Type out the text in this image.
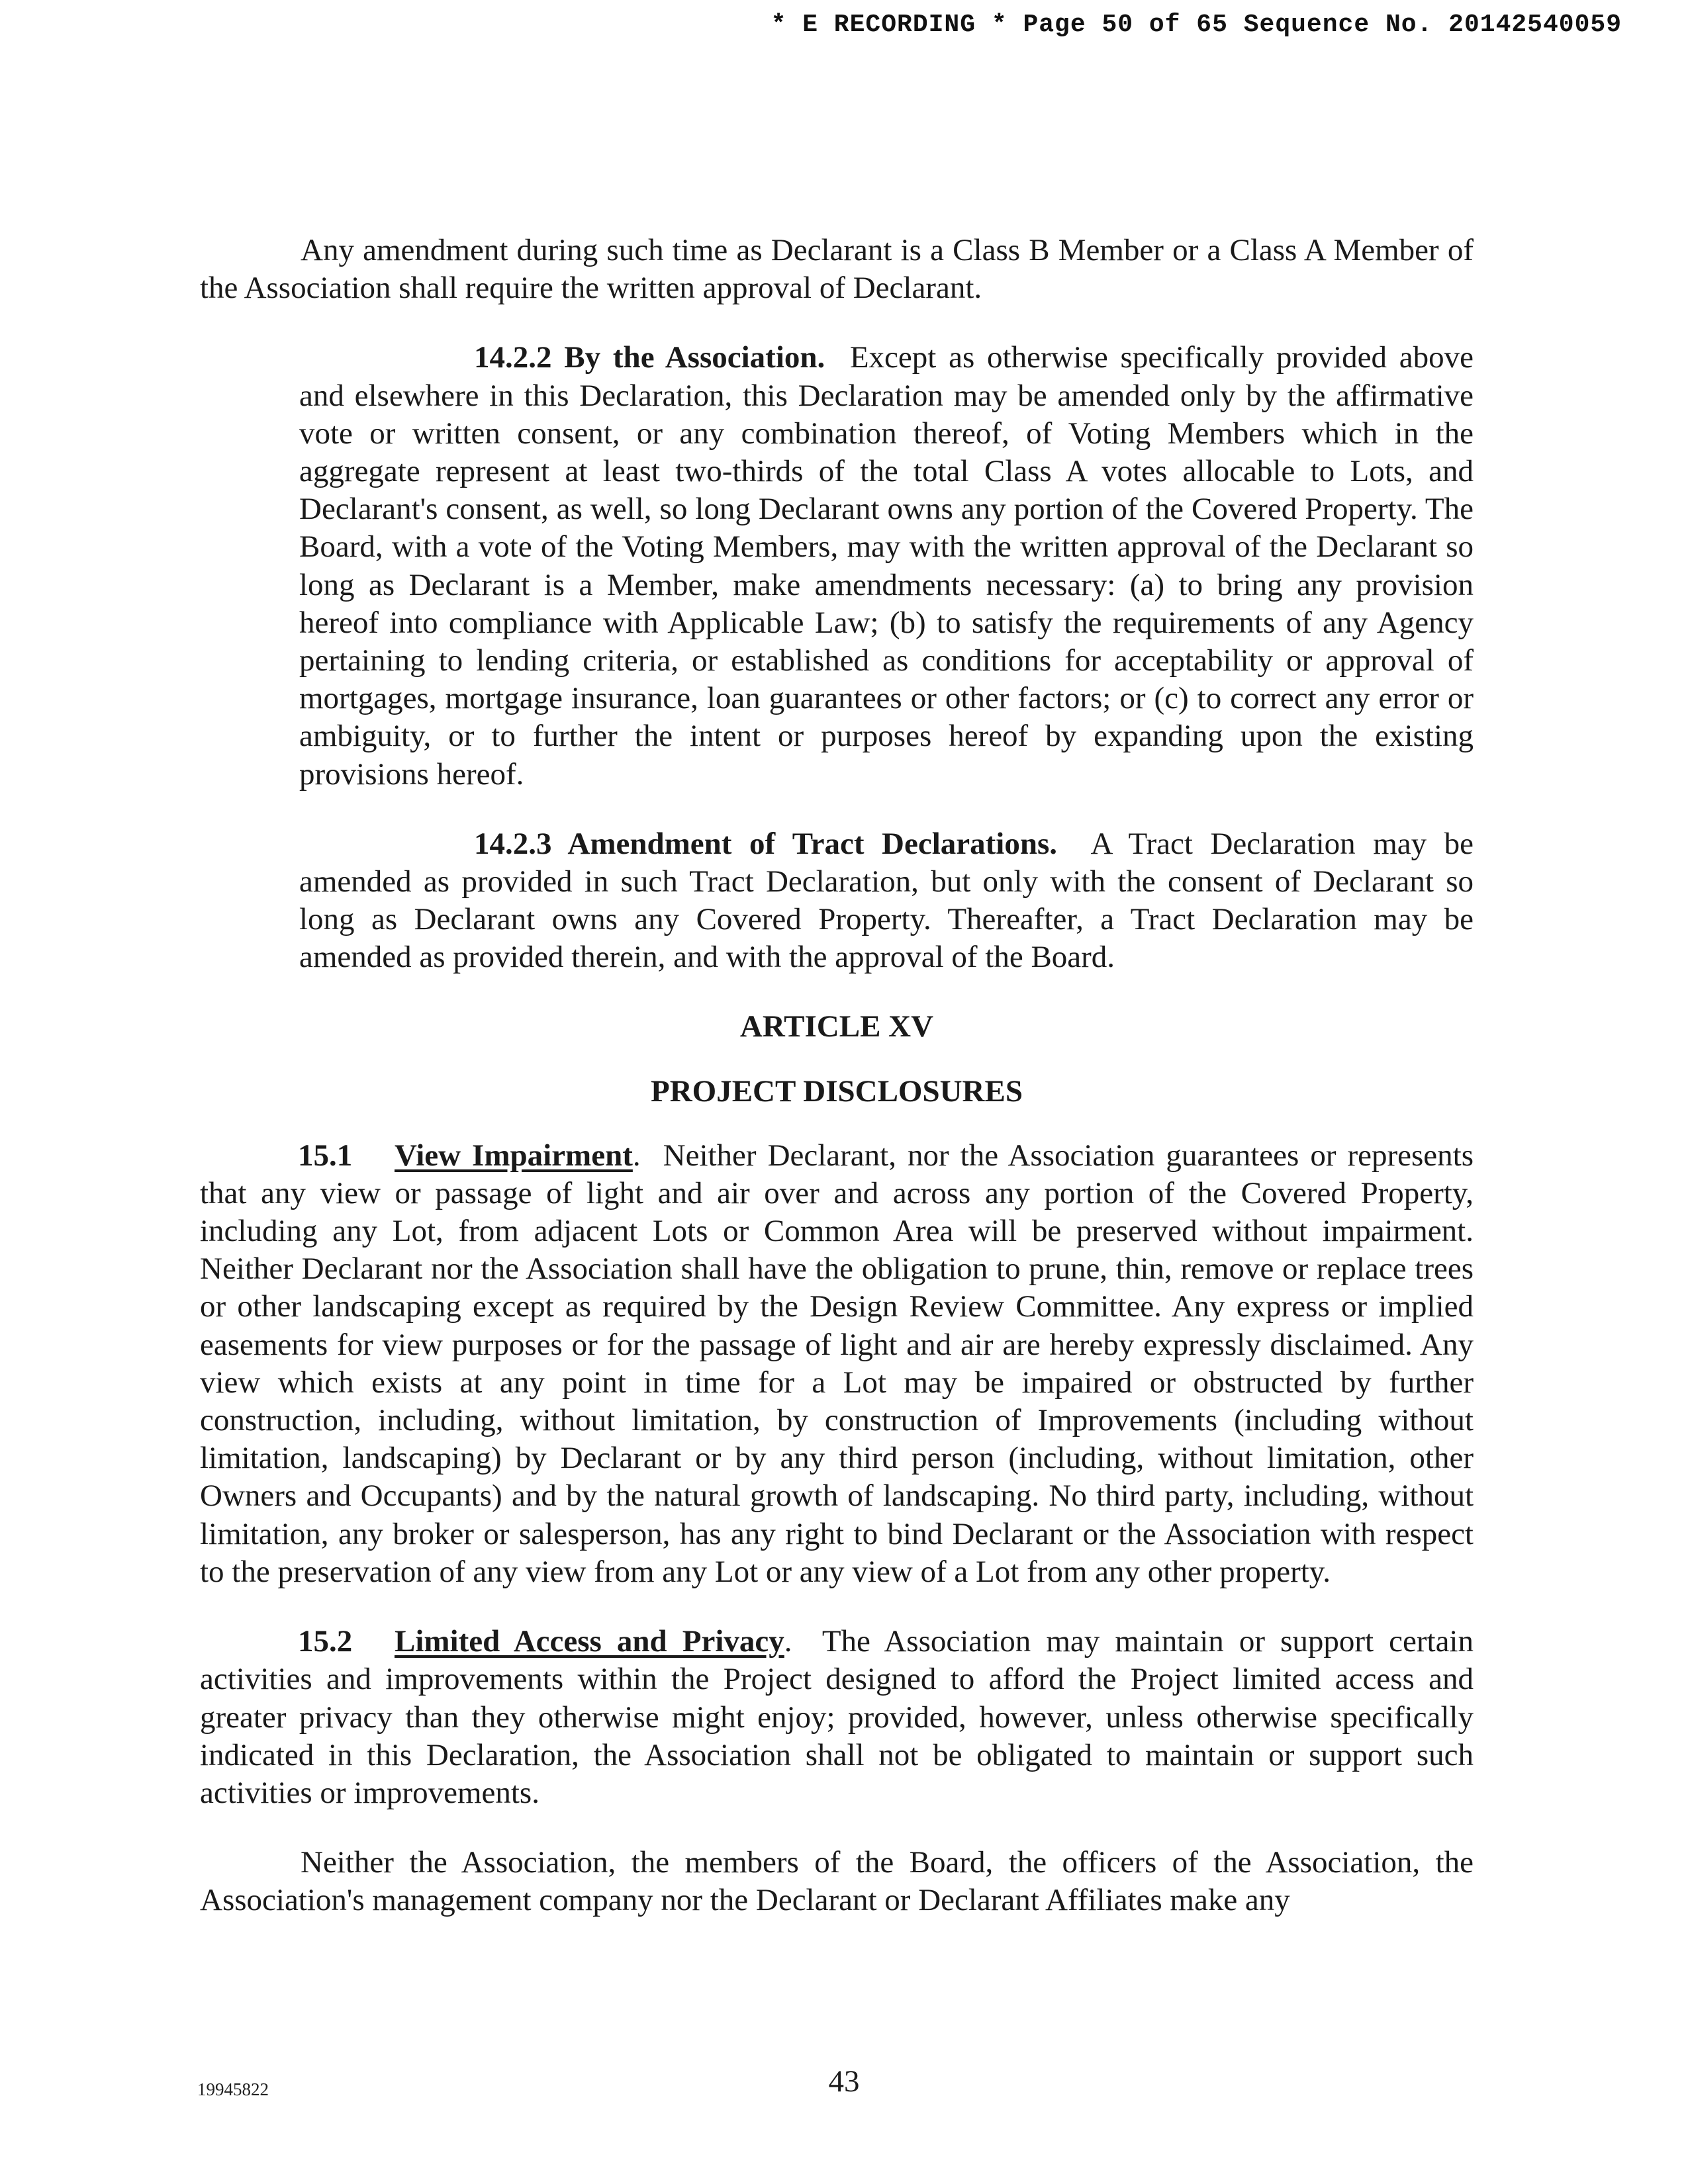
* E RECORDING * Page 50 of 65 Sequence No. 20142540059

Any amendment during such time as Declarant is a Class B Member or a Class A Member of the Association shall require the written approval of Declarant.

14.2.2 By the Association. Except as otherwise specifically provided above and elsewhere in this Declaration, this Declaration may be amended only by the affirmative vote or written consent, or any combination thereof, of Voting Members which in the aggregate represent at least two-thirds of the total Class A votes allocable to Lots, and Declarant's consent, as well, so long Declarant owns any portion of the Covered Property. The Board, with a vote of the Voting Members, may with the written approval of the Declarant so long as Declarant is a Member, make amendments necessary: (a) to bring any provision hereof into compliance with Applicable Law; (b) to satisfy the requirements of any Agency pertaining to lending criteria, or established as conditions for acceptability or approval of mortgages, mortgage insurance, loan guarantees or other factors; or (c) to correct any error or ambiguity, or to further the intent or purposes hereof by expanding upon the existing provisions hereof.

14.2.3 Amendment of Tract Declarations. A Tract Declaration may be amended as provided in such Tract Declaration, but only with the consent of Declarant so long as Declarant owns any Covered Property. Thereafter, a Tract Declaration may be amended as provided therein, and with the approval of the Board.

ARTICLE XV
PROJECT DISCLOSURES

15.1 View Impairment. Neither Declarant, nor the Association guarantees or represents that any view or passage of light and air over and across any portion of the Covered Property, including any Lot, from adjacent Lots or Common Area will be preserved without impairment. Neither Declarant nor the Association shall have the obligation to prune, thin, remove or replace trees or other landscaping except as required by the Design Review Committee. Any express or implied easements for view purposes or for the passage of light and air are hereby expressly disclaimed. Any view which exists at any point in time for a Lot may be impaired or obstructed by further construction, including, without limitation, by construction of Improvements (including without limitation, landscaping) by Declarant or by any third person (including, without limitation, other Owners and Occupants) and by the natural growth of landscaping. No third party, including, without limitation, any broker or salesperson, has any right to bind Declarant or the Association with respect to the preservation of any view from any Lot or any view of a Lot from any other property.

15.2 Limited Access and Privacy. The Association may maintain or support certain activities and improvements within the Project designed to afford the Project limited access and greater privacy than they otherwise might enjoy; provided, however, unless otherwise specifically indicated in this Declaration, the Association shall not be obligated to maintain or support such activities or improvements.

Neither the Association, the members of the Board, the officers of the Association, the Association's management company nor the Declarant or Declarant Affiliates make any

19945822	43
